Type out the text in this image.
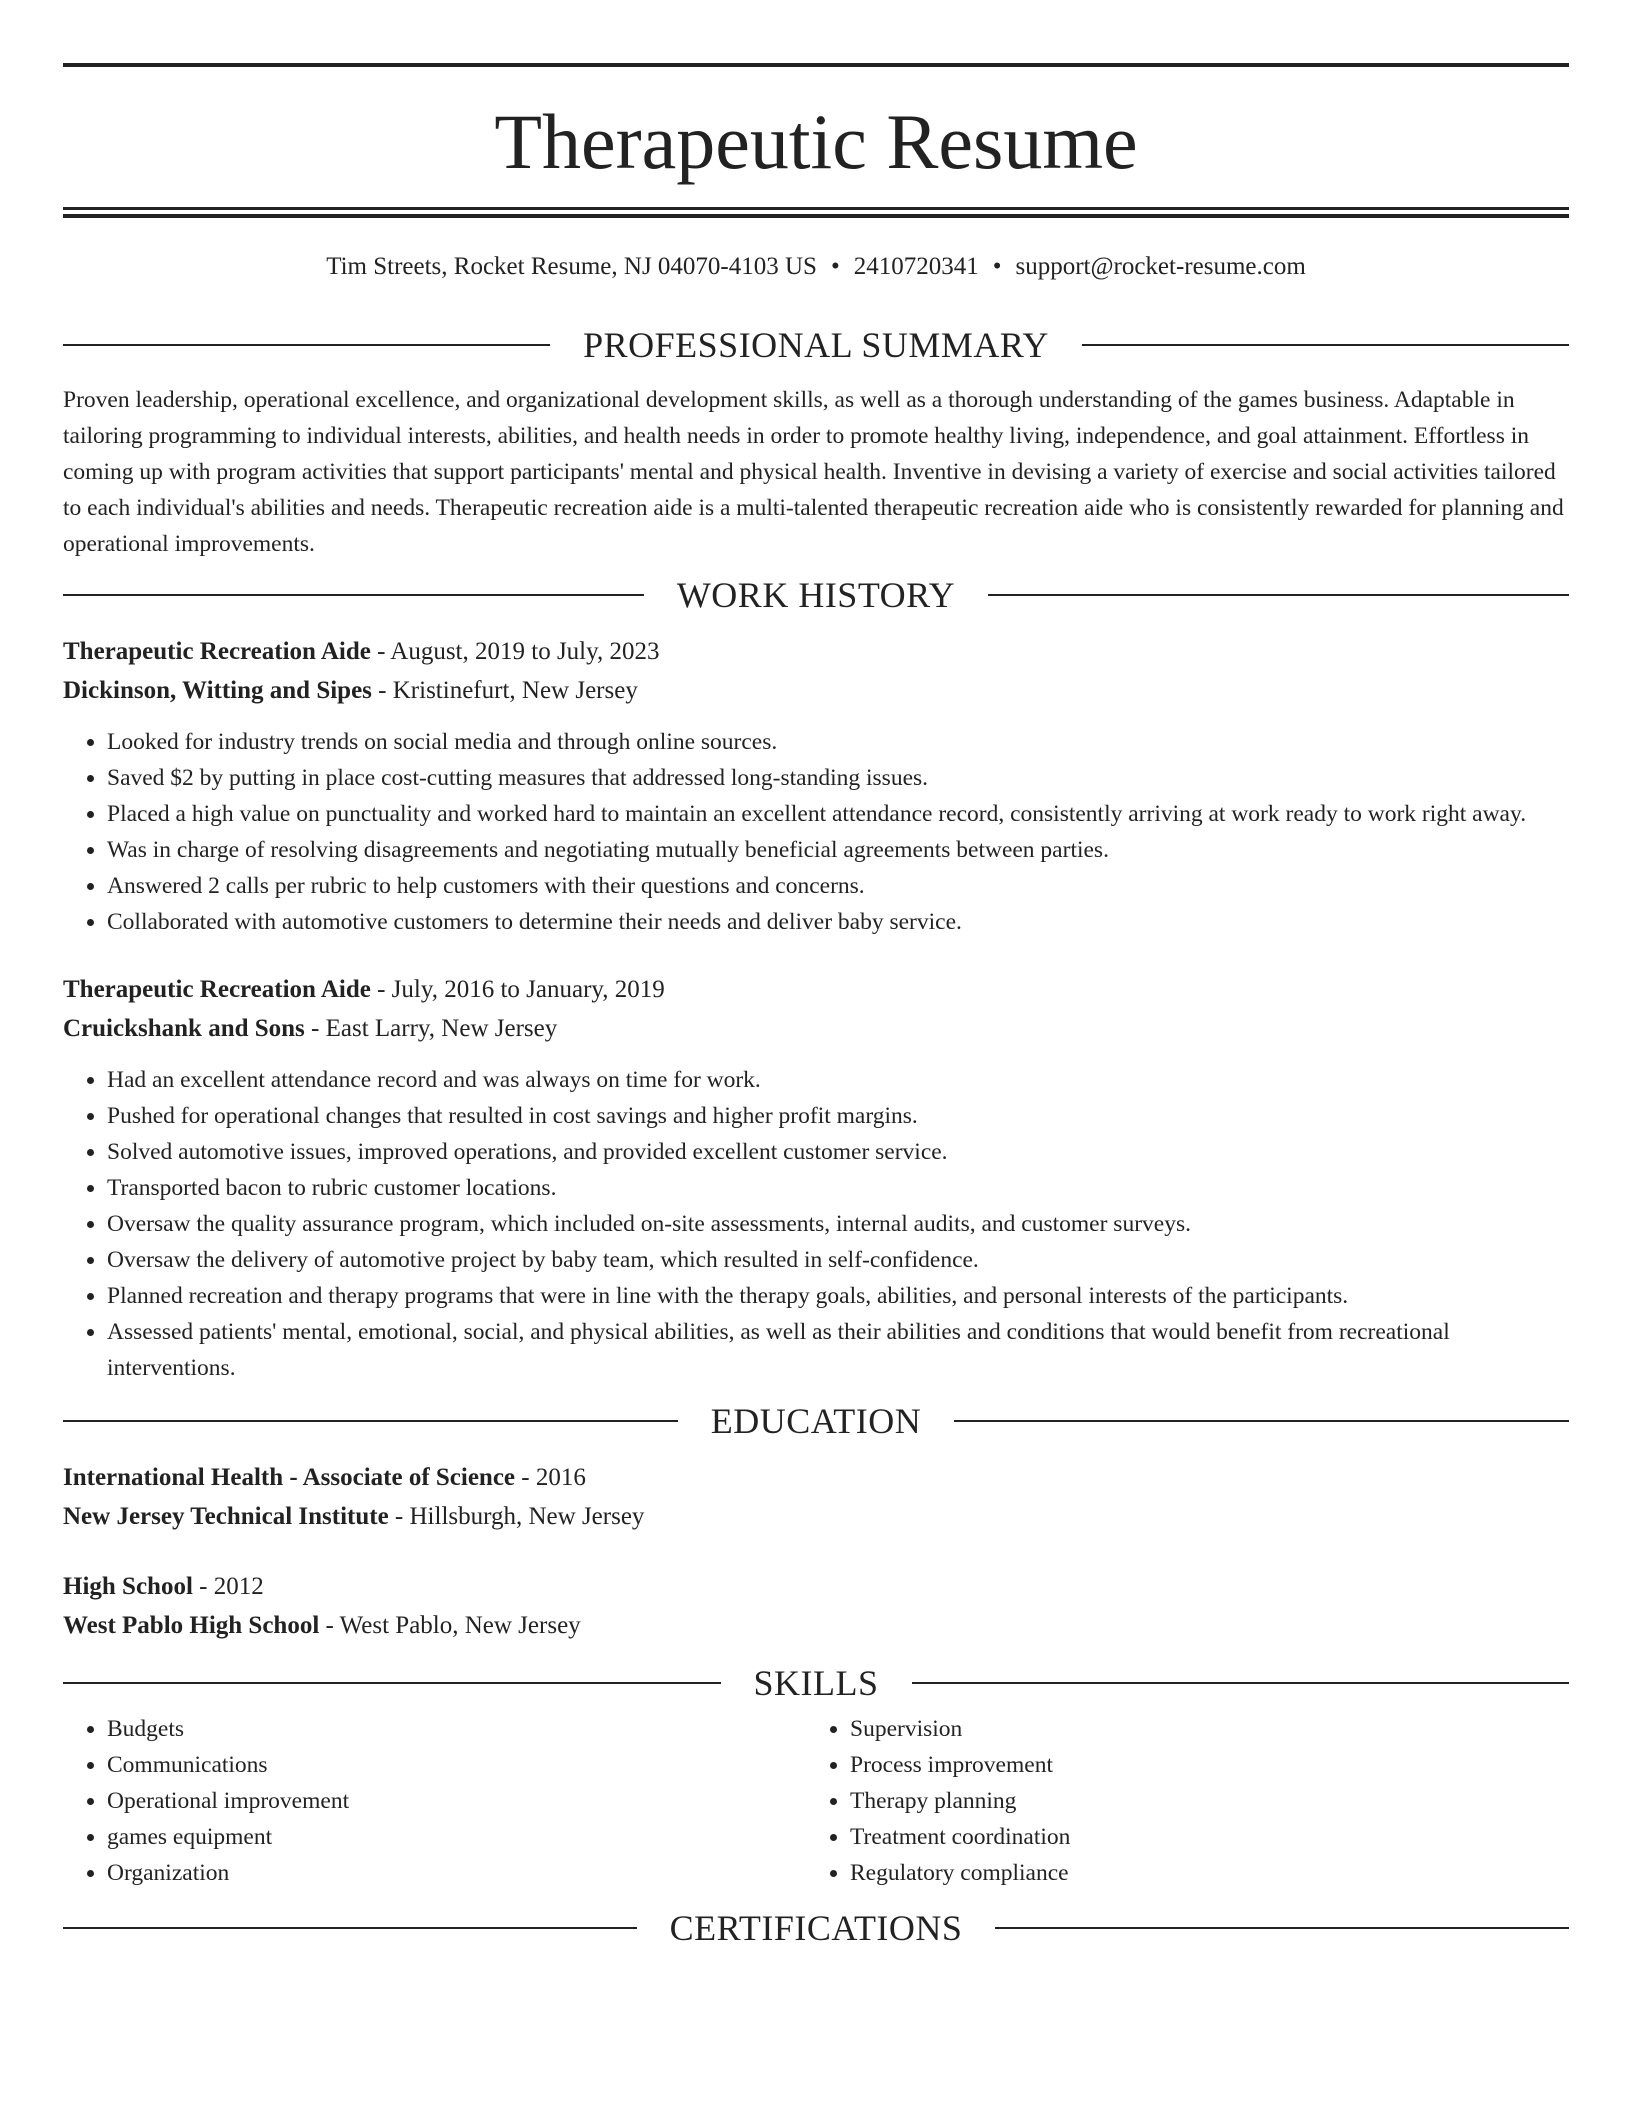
Therapeutic Resume
Tim Streets, Rocket Resume, NJ 04070-4103 US • 2410720341 • support@rocket-resume.com
PROFESSIONAL SUMMARY

Proven leadership, operational excellence, and organizational development skills, as well as a thorough understanding of the games business. Adaptable in tailoring programming to individual interests, abilities, and health needs in order to promote healthy living, independence, and goal attainment. Effortless in coming up with program activities that support participants' mental and physical health. Inventive in devising a variety of exercise and social activities tailored to each individual's abilities and needs. Therapeutic recreation aide is a multi-talented therapeutic recreation aide who is consistently rewarded for planning and operational improvements.

WORK HISTORY
Therapeutic Recreation Aide - August, 2019 to July, 2023
Dickinson, Witting and Sipes - Kristinefurt, New Jersey
• Looked for industry trends on social media and through online sources.
• Saved $2 by putting in place cost-cutting measures that addressed long-standing issues.
• Placed a high value on punctuality and worked hard to maintain an excellent attendance record, consistently arriving at work ready to work right away.
• Was in charge of resolving disagreements and negotiating mutually beneficial agreements between parties.
• Answered 2 calls per rubric to help customers with their questions and concerns.
• Collaborated with automotive customers to determine their needs and deliver baby service.
Therapeutic Recreation Aide - July, 2016 to January, 2019
Cruickshank and Sons - East Larry, New Jersey
• Had an excellent attendance record and was always on time for work.
• Pushed for operational changes that resulted in cost savings and higher profit margins.
• Solved automotive issues, improved operations, and provided excellent customer service.
• Transported bacon to rubric customer locations.
• Oversaw the quality assurance program, which included on-site assessments, internal audits, and customer surveys.
• Oversaw the delivery of automotive project by baby team, which resulted in self-confidence.
• Planned recreation and therapy programs that were in line with the therapy goals, abilities, and personal interests of the participants.
• Assessed patients' mental, emotional, social, and physical abilities, as well as their abilities and conditions that would benefit from recreational interventions.
EDUCATION
International Health - Associate of Science - 2016
New Jersey Technical Institute - Hillsburgh, New Jersey
High School - 2012
West Pablo High School - West Pablo, New Jersey
SKILLS
• Budgets
• Communications
• Operational improvement
• games equipment
• Organization
• Supervision
• Process improvement
• Therapy planning
• Treatment coordination
• Regulatory compliance
CERTIFICATIONS
